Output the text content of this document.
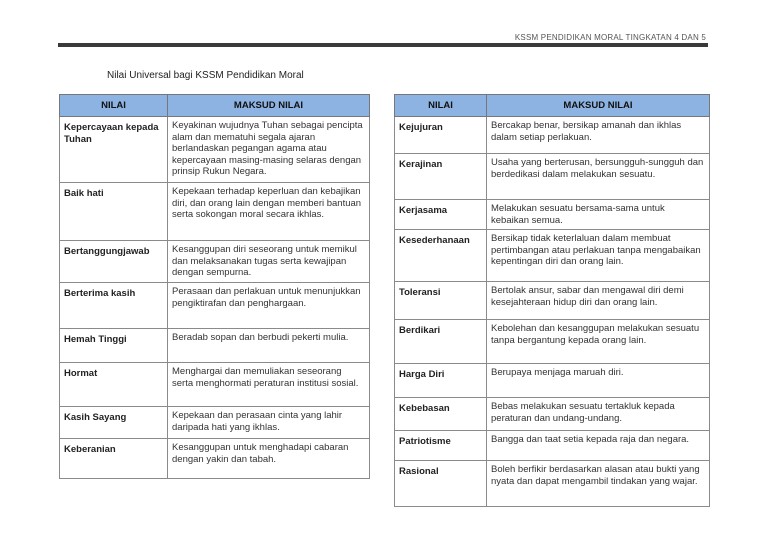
KSSM PENDIDIKAN MORAL TINGKATAN 4 DAN 5
Nilai Universal bagi KSSM Pendidikan Moral
NILAI	MAKSUD NILAI
Kepercayaan kepada Tuhan	Keyakinan wujudnya Tuhan sebagai pencipta alam dan mematuhi segala ajaran berlandaskan pegangan agama atau kepercayaan masing-masing selaras dengan prinsip Rukun Negara.
Baik hati	Kepekaan terhadap keperluan dan kebajikan diri, dan orang lain dengan memberi bantuan serta sokongan moral secara ikhlas.
Bertanggungjawab	Kesanggupan diri seseorang untuk memikul dan melaksanakan tugas serta kewajipan dengan sempurna.
Berterima kasih	Perasaan dan perlakuan untuk menunjukkan pengiktirafan dan penghargaan.
Hemah Tinggi	Beradab sopan dan berbudi pekerti mulia.
Hormat	Menghargai dan memuliakan seseorang serta menghormati peraturan institusi sosial.
Kasih Sayang	Kepekaan dan perasaan cinta yang lahir daripada hati yang ikhlas.
Keberanian	Kesanggupan untuk menghadapi cabaran dengan yakin dan tabah.
NILAI	MAKSUD NILAI
Kejujuran	Bercakap benar, bersikap amanah dan ikhlas dalam setiap perlakuan.
Kerajinan	Usaha yang berterusan, bersungguh-sungguh dan berdedikasi dalam melakukan sesuatu.
Kerjasama	Melakukan sesuatu bersama-sama untuk kebaikan semua.
Kesederhanaan	Bersikap tidak keterlaluan dalam membuat pertimbangan atau perlakuan tanpa mengabaikan kepentingan diri dan orang lain.
Toleransi	Bertolak ansur, sabar dan mengawal diri demi kesejahteraan hidup diri dan orang lain.
Berdikari	Kebolehan dan kesanggupan melakukan sesuatu tanpa bergantung kepada orang lain.
Harga Diri	Berupaya menjaga maruah diri.
Kebebasan	Bebas melakukan sesuatu tertakluk kepada peraturan dan undang-undang.
Patriotisme	Bangga dan taat setia kepada raja dan negara.
Rasional	Boleh berfikir berdasarkan alasan atau bukti yang nyata dan dapat mengambil tindakan yang wajar.
